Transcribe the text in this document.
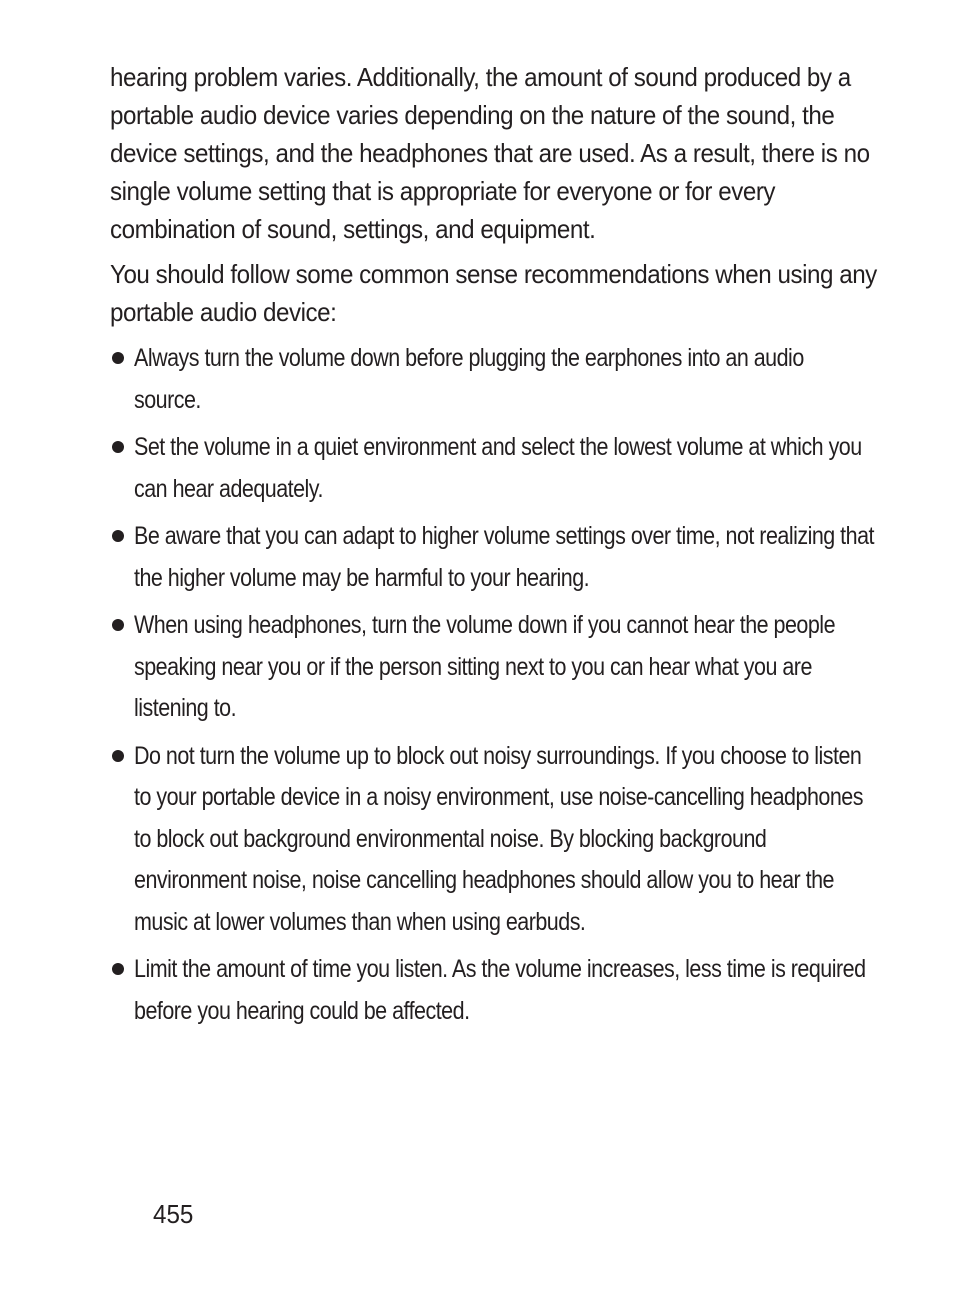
hearing problem varies. Additionally, the amount of sound produced by a portable audio device varies depending on the nature of the sound, the device settings, and the headphones that are used. As a result, there is no single volume setting that is appropriate for everyone or for every combination of sound, settings, and equipment.

You should follow some common sense recommendations when using any portable audio device:

Always turn the volume down before plugging the earphones into an audio source.
Set the volume in a quiet environment and select the lowest volume at which you can hear adequately.
Be aware that you can adapt to higher volume settings over time, not realizing that the higher volume may be harmful to your hearing.
When using headphones, turn the volume down if you cannot hear the people speaking near you or if the person sitting next to you can hear what you are listening to.
Do not turn the volume up to block out noisy surroundings. If you choose to listen to your portable device in a noisy environment, use noise-cancelling headphones to block out background environmental noise. By blocking background environment noise, noise cancelling headphones should allow you to hear the music at lower volumes than when using earbuds.
Limit the amount of time you listen. As the volume increases, less time is required before you hearing could be affected.
455
